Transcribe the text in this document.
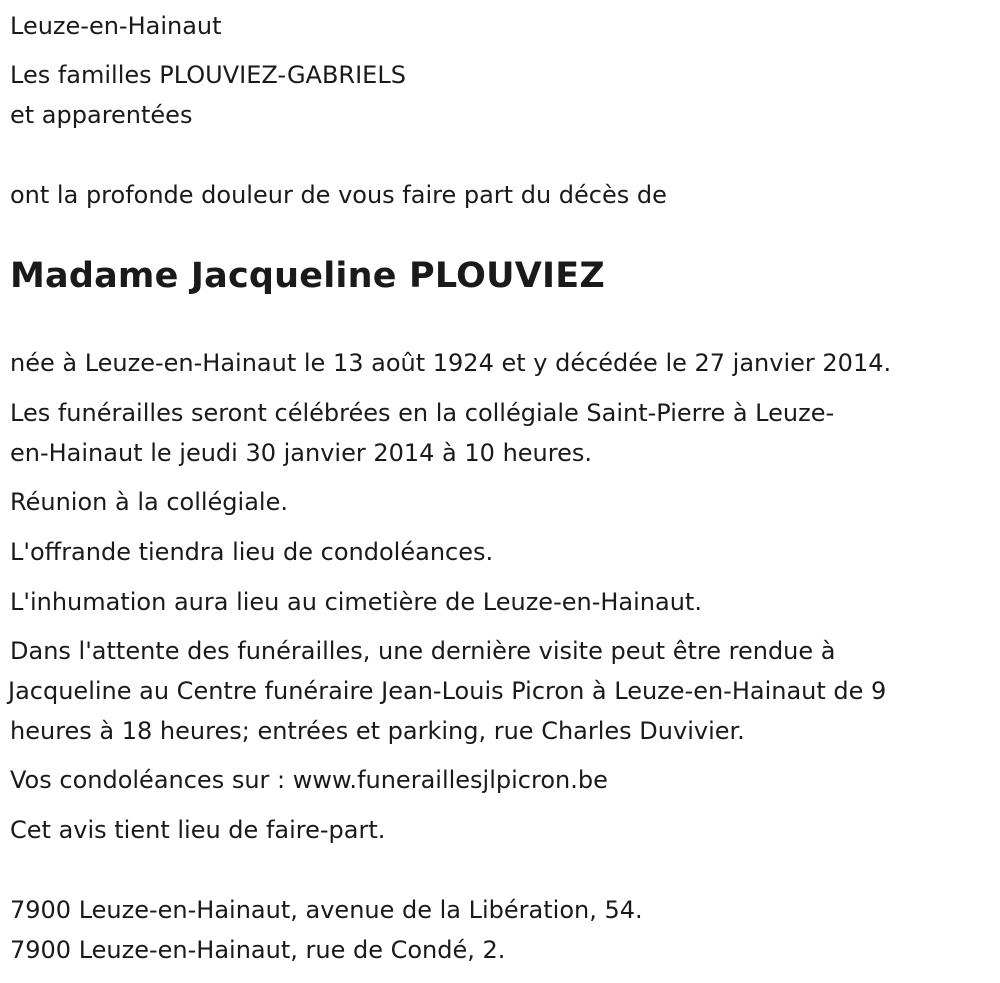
Leuze-en-Hainaut

Les familles PLOUVIEZ-GABRIELS

et apparentées

ont la profonde douleur de vous faire part du décès de

Madame Jacqueline PLOUVIEZ

née à Leuze-en-Hainaut le 13 août 1924 et y décédée le 27 janvier 2014.

Les funérailles seront célébrées en la collégiale Saint-Pierre à Leuze-

en-Hainaut le jeudi 30 janvier 2014 à 10 heures.

Réunion à la collégiale.

L'offrande tiendra lieu de condoléances.

L'inhumation aura lieu au cimetière de Leuze-en-Hainaut.

Dans l'attente des funérailles, une dernière visite peut être rendue à

Jacqueline au Centre funéraire Jean-Louis Picron à Leuze-en-Hainaut de 9

heures à 18 heures; entrées et parking, rue Charles Duvivier.

Vos condoléances sur : www.funeraillesjlpicron.be

Cet avis tient lieu de faire-part.

7900 Leuze-en-Hainaut, avenue de la Libération, 54.

7900 Leuze-en-Hainaut, rue de Condé, 2.
